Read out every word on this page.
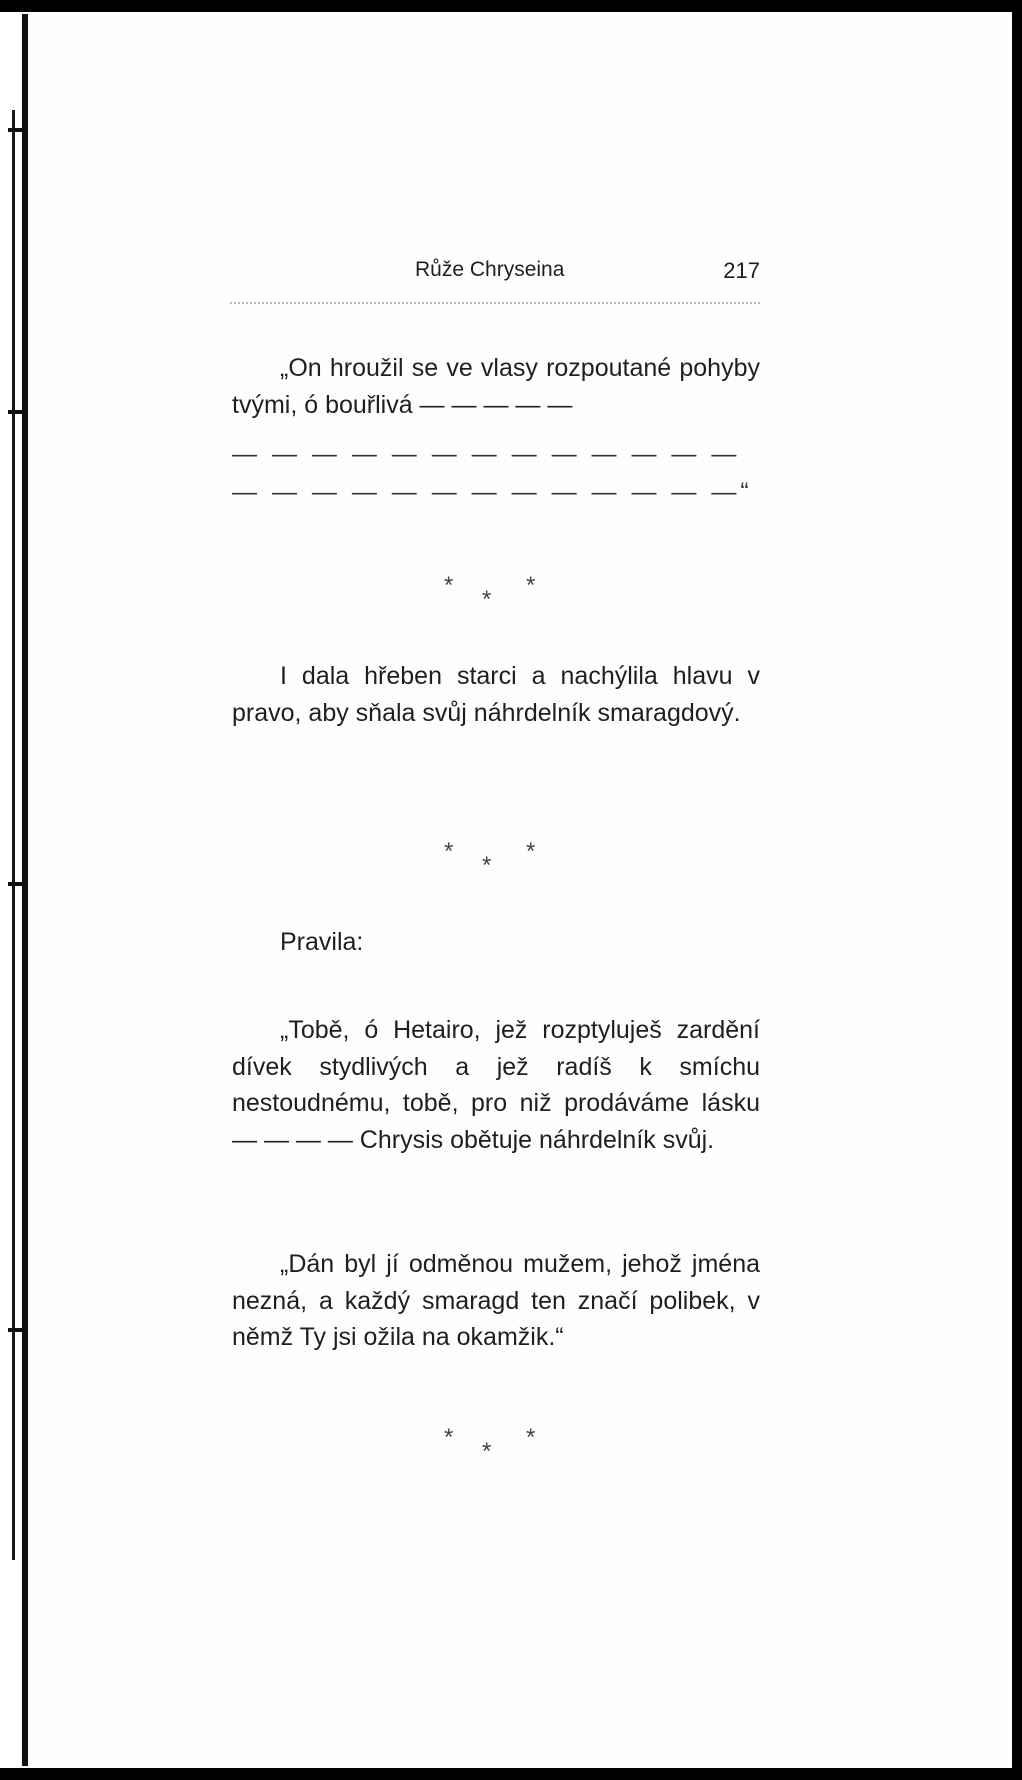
Růže Chryseina	217
„On hroužil se ve vlasy rozpoutané pohyby tvými, ó bouřlivá — — — — —
— — — — — — — — — — — — —
— — — — — — — — — — — — —“
*
*
*
I dala hřeben starci a nachýlila hlavu v pravo, aby sňala svůj náhrdelník smaragdový.
*
*
*
Pravila:
„Tobě, ó Hetairo, jež rozptyluješ zardění dívek stydlivých a jež radíš k smíchu nestoudnému, tobě, pro niž prodáváme lásku — — — — Chrysis obětuje náhrdelník svůj.
„Dán byl jí odměnou mužem, jehož jména nezná, a každý smaragd ten značí polibek, v němž Ty jsi ožila na okamžik.“
*
*
*
